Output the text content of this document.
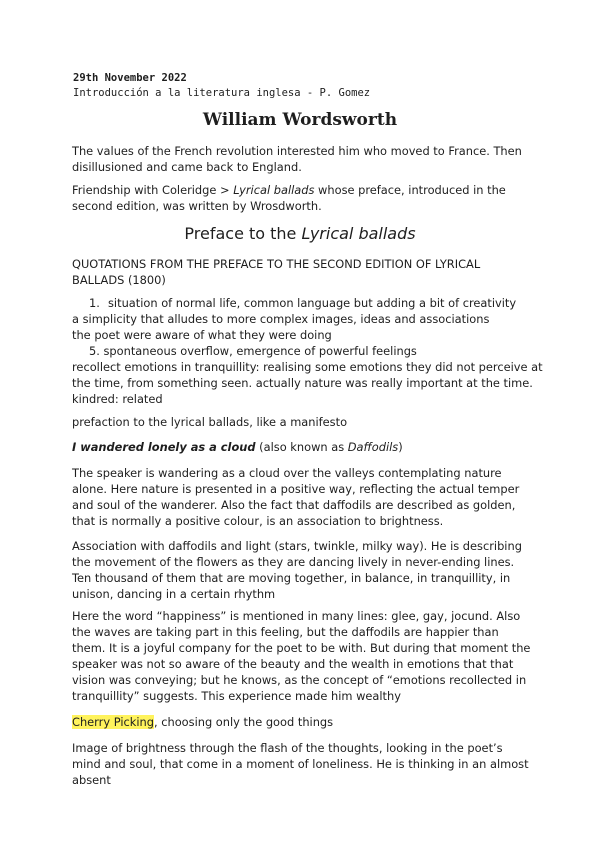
29th November 2022
Introducción a la literatura inglesa - P. Gomez
William Wordsworth
The values of the French revolution interested him who moved to France. Then disillusioned and came back to England.
Friendship with Coleridge > Lyrical ballads whose preface, introduced in the second edition, was written by Wrosdworth.
Preface to the Lyrical ballads
QUOTATIONS FROM THE PREFACE TO THE SECOND EDITION OF LYRICAL BALLADS (1800)
1. situation of normal life, common language but adding a bit of creativity
a simplicity that alludes to more complex images, ideas and associations
the poet were aware of what they were doing
5. spontaneous overflow, emergence of powerful feelings
recollect emotions in tranquillity: realising some emotions they did not perceive at
the time, from something seen. actually nature was really important at the time.
kindred: related
prefaction to the lyrical ballads, like a manifesto
I wandered lonely as a cloud (also known as Daffodils)
The speaker is wandering as a cloud over the valleys contemplating nature alone. Here nature is presented in a positive way, reflecting the actual temper and soul of the wanderer. Also the fact that daffodils are described as golden, that is normally a positive colour, is an association to brightness.
Association with daffodils and light (stars, twinkle, milky way). He is describing the movement of the flowers as they are dancing lively in never-ending lines. Ten thousand of them that are moving together, in balance, in tranquillity, in unison, dancing in a certain rhythm
Here the word “happiness” is mentioned in many lines: glee, gay, jocund. Also the waves are taking part in this feeling, but the daffodils are happier than them. It is a joyful company for the poet to be with. But during that moment the speaker was not so aware of the beauty and the wealth in emotions that that vision was conveying; but he knows, as the concept of “emotions recollected in tranquillity” suggests. This experience made him wealthy
Cherry Picking, choosing only the good things
Image of brightness through the flash of the thoughts, looking in the poet’s mind and soul, that come in a moment of loneliness. He is thinking in an almost absent
